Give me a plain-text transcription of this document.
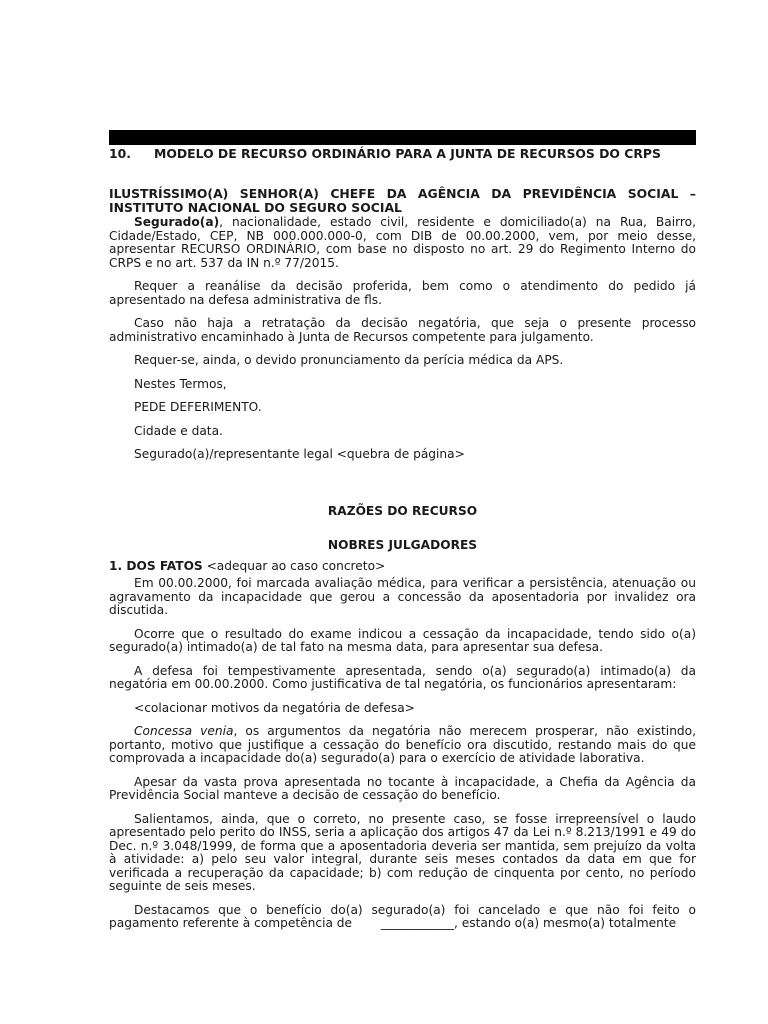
10. MODELO DE RECURSO ORDINÁRIO PARA A JUNTA DE RECURSOS DO CRPS

ILUSTRÍSSIMO(A) SENHOR(A) CHEFE DA AGÊNCIA DA PREVIDÊNCIA SOCIAL – INSTITUTO NACIONAL DO SEGURO SOCIAL

Segurado(a), nacionalidade, estado civil, residente e domiciliado(a) na Rua, Bairro, Cidade/Estado, CEP, NB 000.000.000-0, com DIB de 00.00.2000, vem, por meio desse, apresentar RECURSO ORDINÁRIO, com base no disposto no art. 29 do Regimento Interno do CRPS e no art. 537 da IN n.º 77/2015.

Requer a reanálise da decisão proferida, bem como o atendimento do pedido já apresentado na defesa administrativa de fls.

Caso não haja a retratação da decisão negatória, que seja o presente processo administrativo encaminhado à Junta de Recursos competente para julgamento.

Requer-se, ainda, o devido pronunciamento da perícia médica da APS.

Nestes Termos,

PEDE DEFERIMENTO.

Cidade e data.

Segurado(a)/representante legal <quebra de página>

RAZÕES DO RECURSO

NOBRES JULGADORES

1. DOS FATOS <adequar ao caso concreto>

Em 00.00.2000, foi marcada avaliação médica, para verificar a persistência, atenuação ou agravamento da incapacidade que gerou a concessão da aposentadoria por invalidez ora discutida.

Ocorre que o resultado do exame indicou a cessação da incapacidade, tendo sido o(a) segurado(a) intimado(a) de tal fato na mesma data, para apresentar sua defesa.

A defesa foi tempestivamente apresentada, sendo o(a) segurado(a) intimado(a) da negatória em 00.00.2000. Como justificativa de tal negatória, os funcionários apresentaram:

<colacionar motivos da negatória de defesa>

Concessa venia, os argumentos da negatória não merecem prosperar, não existindo, portanto, motivo que justifique a cessação do benefício ora discutido, restando mais do que comprovada a incapacidade do(a) segurado(a) para o exercício de atividade laborativa.

Apesar da vasta prova apresentada no tocante à incapacidade, a Chefia da Agência da Previdência Social manteve a decisão de cessação do benefício.

Salientamos, ainda, que o correto, no presente caso, se fosse irrepreensível o laudo apresentado pelo perito do INSS, seria a aplicação dos artigos 47 da Lei n.º 8.213/1991 e 49 do Dec. n.º 3.048/1999, de forma que a aposentadoria deveria ser mantida, sem prejuízo da volta à atividade: a) pelo seu valor integral, durante seis meses contados da data em que for verificada a recuperação da capacidade; b) com redução de cinquenta por cento, no período seguinte de seis meses.

Destacamos que o benefício do(a) segurado(a) foi cancelado e que não foi feito o pagamento referente à competência de ____________, estando o(a) mesmo(a) totalmente
